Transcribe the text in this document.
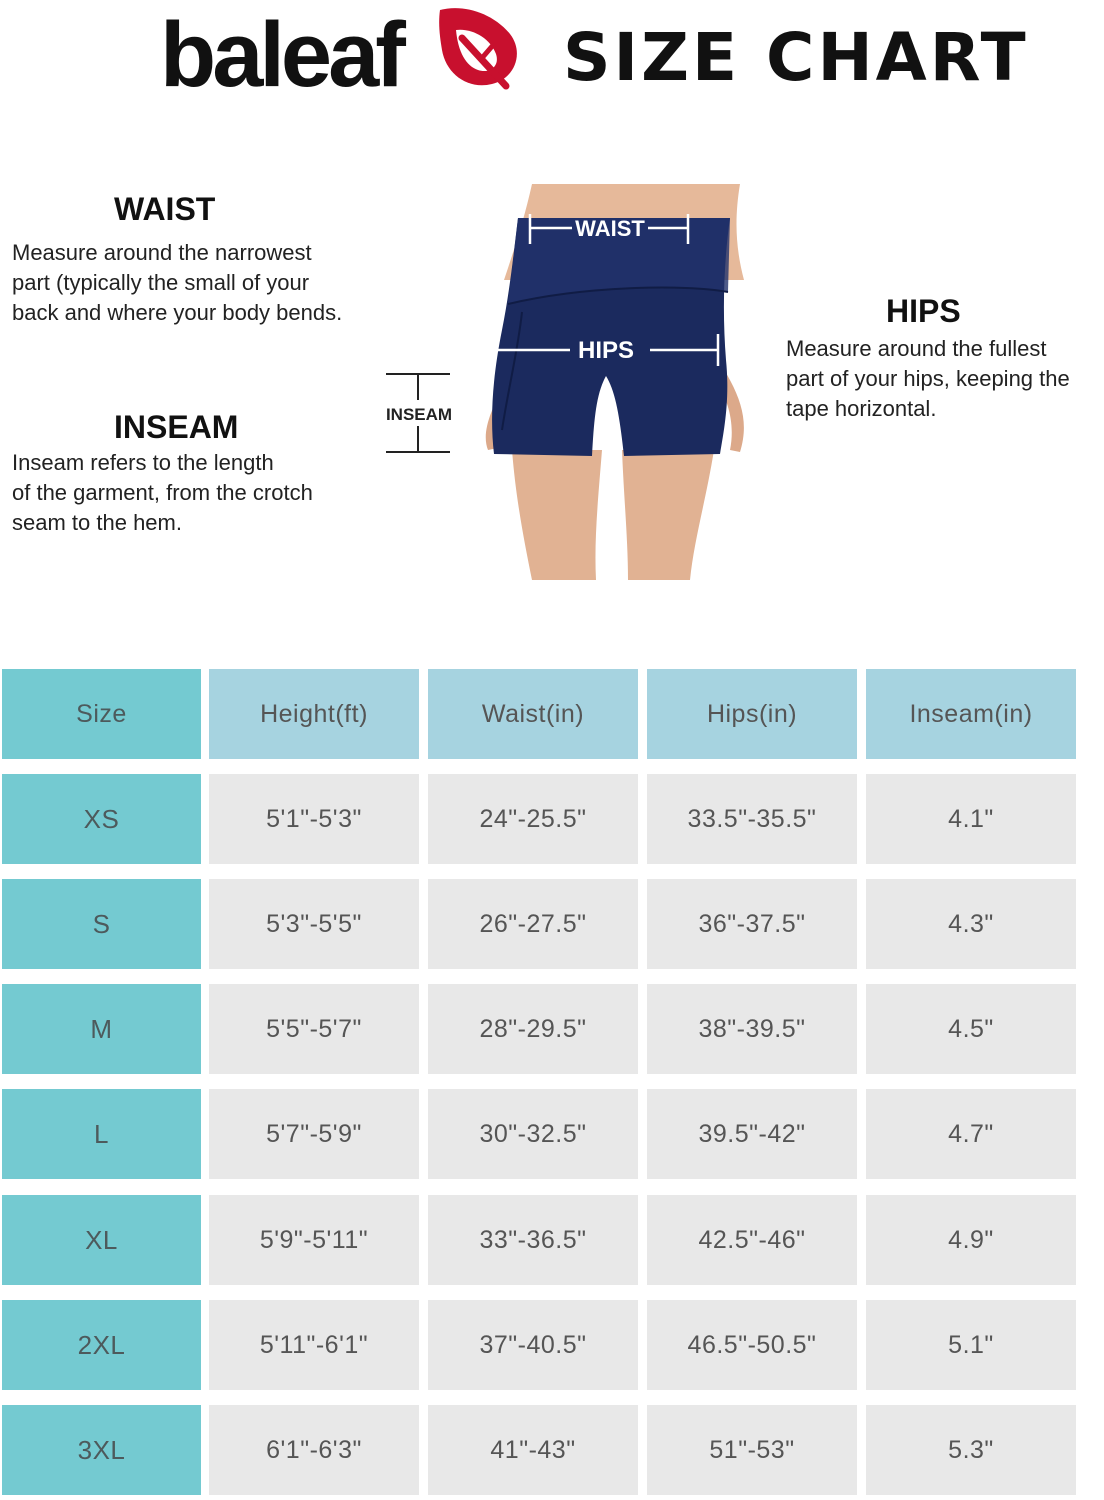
baleaf SIZE CHART
WAIST
Measure around the narrowest
part (typically the small of your
back and where your body bends.
INSEAM
Inseam refers to the length
of the garment, from the crotch
seam to the hem.
HIPS
Measure around the fullest
part of your hips, keeping the
tape horizontal.
WAIST
HIPS
INSEAM
Size	Height(ft)	Waist(in)	Hips(in)	Inseam(in)
XS	5'1"-5'3"	24"-25.5"	33.5"-35.5"	4.1"
S	5'3"-5'5"	26"-27.5"	36"-37.5"	4.3"
M	5'5"-5'7"	28"-29.5"	38"-39.5"	4.5"
L	5'7"-5'9"	30"-32.5"	39.5"-42"	4.7"
XL	5'9"-5'11"	33"-36.5"	42.5"-46"	4.9"
2XL	5'11"-6'1"	37"-40.5"	46.5"-50.5"	5.1"
3XL	6'1"-6'3"	41"-43"	51"-53"	5.3"
